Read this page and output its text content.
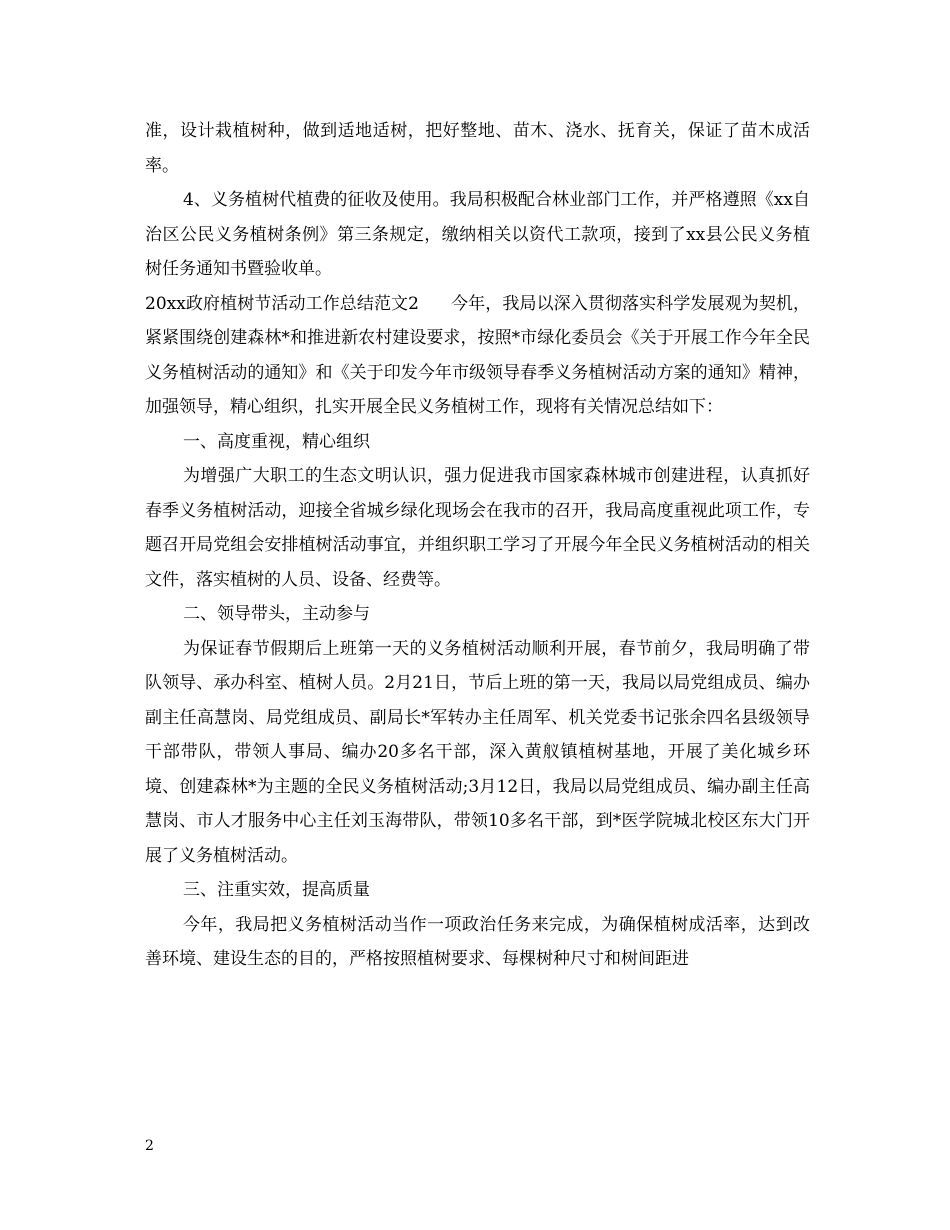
准，设计栽植树种，做到适地适树，把好整地、苗木、浇水、抚育关，保证了苗木成活率。

4、义务植树代植费的征收及使用。我局积极配合林业部门工作，并严格遵照《xx自治区公民义务植树条例》第三条规定，缴纳相关以资代工款项，接到了xx县公民义务植树任务通知书暨验收单。

20xx政府植树节活动工作总结范文2 今年，我局以深入贯彻落实科学发展观为契机，紧紧围绕创建森林*和推进新农村建设要求，按照*市绿化委员会《关于开展工作今年全民义务植树活动的通知》和《关于印发今年市级领导春季义务植树活动方案的通知》精神，加强领导，精心组织，扎实开展全民义务植树工作，现将有关情况总结如下：

一、高度重视，精心组织

为增强广大职工的生态文明认识，强力促进我市国家森林城市创建进程，认真抓好春季义务植树活动，迎接全省城乡绿化现场会在我市的召开，我局高度重视此项工作，专题召开局党组会安排植树活动事宜，并组织职工学习了开展今年全民义务植树活动的相关文件，落实植树的人员、设备、经费等。

二、领导带头，主动参与

为保证春节假期后上班第一天的义务植树活动顺利开展，春节前夕，我局明确了带队领导、承办科室、植树人员。2月21日，节后上班的第一天，我局以局党组成员、编办副主任高慧岗、局党组成员、副局长*军转办主任周军、机关党委书记张余四名县级领导干部带队，带领人事局、编办20多名干部，深入黄舣镇植树基地，开展了美化城乡环境、创建森林*为主题的全民义务植树活动;3月12日，我局以局党组成员、编办副主任高慧岗、市人才服务中心主任刘玉海带队，带领10多名干部，到*医学院城北校区东大门开展了义务植树活动。

三、注重实效，提高质量

今年，我局把义务植树活动当作一项政治任务来完成，为确保植树成活率，达到改善环境、建设生态的目的，严格按照植树要求、每棵树种尺寸和树间距进

2
